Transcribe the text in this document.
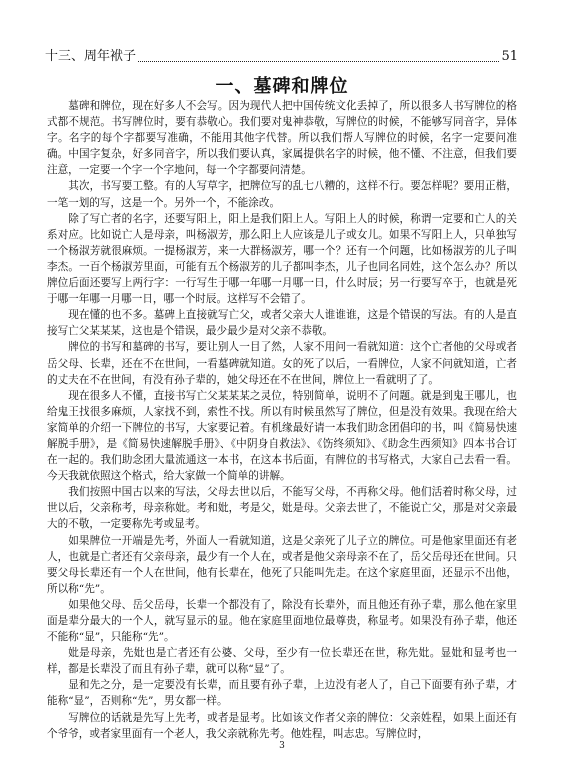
十三、周年袱子	51
一、墓碑和牌位

墓碑和牌位，现在好多人不会写。因为现代人把中国传统文化丢掉了，所以很多人书写牌位的格式都不规范。书写牌位时，要有恭敬心。我们要对鬼神恭敬，写牌位的时候，不能够写同音字，异体字。名字的每个字都要写准确，不能用其他字代替。所以我们帮人写牌位的时候，名字一定要问准确。中国字复杂，好多同音字，所以我们要认真，家属提供名字的时候，他不懂、不注意，但我们要注意，一定要一个字一个字地问，每一个字都要问清楚。

其次，书写要工整。有的人写草字，把牌位写的乱七八糟的，这样不行。要怎样呢？要用正楷，一笔一划的写，这是一个。另外一个，不能涂改。

除了写亡者的名字，还要写阳上，阳上是我们阳上人。写阳上人的时候，称谓一定要和亡人的关系对应。比如说亡人是母亲，叫杨淑芳，那么阳上人应该是儿子或女儿。如果不写阳上人，只单独写一个杨淑芳就很麻烦。一提杨淑芳，来一大群杨淑芳，哪一个？还有一个问题，比如杨淑芳的儿子叫李杰。一百个杨淑芳里面，可能有五个杨淑芳的儿子都叫李杰，儿子也同名同姓，这个怎么办？所以牌位后面还要写上两行字：一行写生于哪一年哪一月哪一日，什么时辰；另一行要写卒于，也就是死于哪一年哪一月哪一日，哪一个时辰。这样写不会错了。

现在懂的也不多。墓碑上直接就写亡父，或者父亲大人谁谁谁，这是个错误的写法。有的人是直接写亡父某某某，这也是个错误，最少最少是对父亲不恭敬。

牌位的书写和墓碑的书写，要让别人一目了然，人家不用问一看就知道：这个亡者他的父母或者岳父母、长辈，还在不在世间，一看墓碑就知道。女的死了以后，一看牌位，人家不问就知道，亡者的丈夫在不在世间，有没有孙子辈的，她父母还在不在世间，牌位上一看就明了了。

现在很多人不懂，直接书写亡父某某某之灵位，特别简单，说明不了问题。就是到鬼王哪儿，也给鬼王找很多麻烦，人家找不到，索性不找。所以有时候虽然写了牌位，但是没有效果。我现在给大家简单的介绍一下牌位的书写，大家要记着。有机缘最好请一本我们助念团倡印的书，叫《简易快速解脱手册》，是《简易快速解脱手册》、《中阴身自救法》、《饬终须知》、《助念生西须知》四本书合订在一起的。我们助念团大量流通这一本书，在这本书后面，有牌位的书写格式，大家自己去看一看。今天我就依照这个格式，给大家做一个简单的讲解。

我们按照中国古以来的写法，父母去世以后，不能写父母，不再称父母。他们活着时称父母，过世以后，父亲称考，母亲称妣。考和妣，考是父，妣是母。父亲去世了，不能说亡父，那是对父亲最大的不敬，一定要称先考或显考。

如果牌位一开端是先考，外面人一看就知道，这是父亲死了儿子立的牌位。可是他家里面还有老人，也就是亡者还有父亲母亲，最少有一个人在，或者是他父亲母亲不在了，岳父岳母还在世间。只要父母长辈还有一个人在世间，他有长辈在，他死了只能叫先走。在这个家庭里面，还显示不出他，所以称“先”。

如果他父母、岳父岳母，长辈一个都没有了，除没有长辈外，而且他还有孙子辈，那么他在家里面是辈分最大的一个人，就写显示的显。他在家庭里面地位最尊贵，称显考。如果没有孙子辈，他还不能称“显”，只能称“先”。

妣是母亲，先妣也是亡者还有公婆、父母，至少有一位长辈还在世，称先妣。显妣和显考也一样，都是长辈没了而且有孙子辈，就可以称“显”了。

显和先之分，是一定要没有长辈，而且要有孙子辈，上边没有老人了，自己下面要有孙子辈，才能称“显”，否则称“先”，男女都一样。

写牌位的话就是先写上先考，或者是显考。比如该文作者父亲的牌位：父亲姓程，如果上面还有个爷爷，或者家里面有一个老人，我父亲就称先考。他姓程，叫志忠。写牌位时，

3
